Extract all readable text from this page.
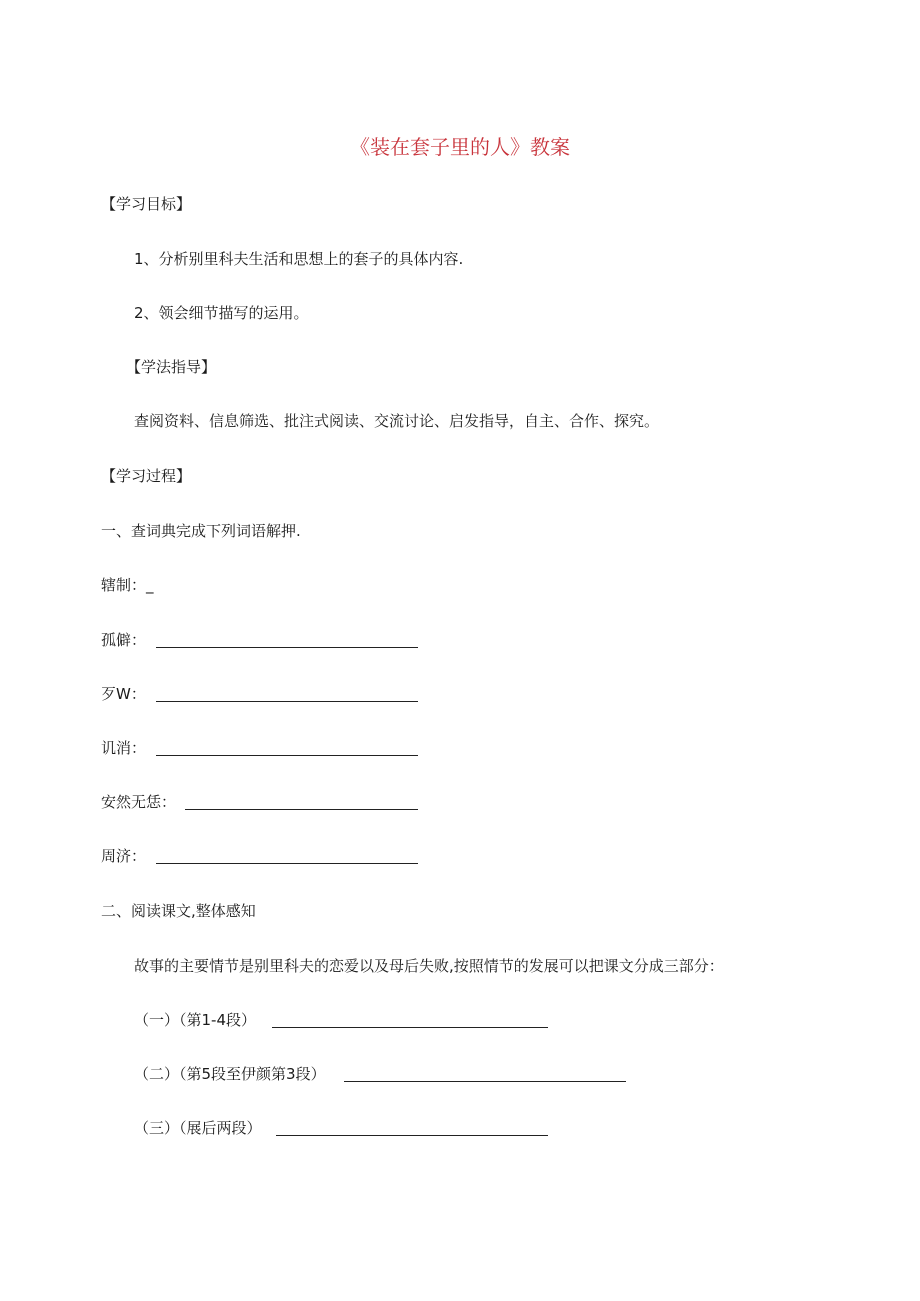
《装在套子里的人》教案
【学习目标】
1、分析别里科夫生活和思想上的套子的具体内容.
2、领会细节描写的运用。
【学法指导】
查阅资料、信息筛选、批注式阅读、交流讨论、启发指导，自主、合作、探究。
【学习过程】
一、查词典完成下列词语解押.
辖制：_
孤僻：
歹W：
讥消：
安然无恁：
周济：
二、阅读课文,整体感知
故事的主要情节是别里科夫的恋爱以及母后失败,按照情节的发展可以把课文分成三部分：
（一）（第1-4段）
（二）（第5段至伊颜第3段）
（三）（展后两段）
